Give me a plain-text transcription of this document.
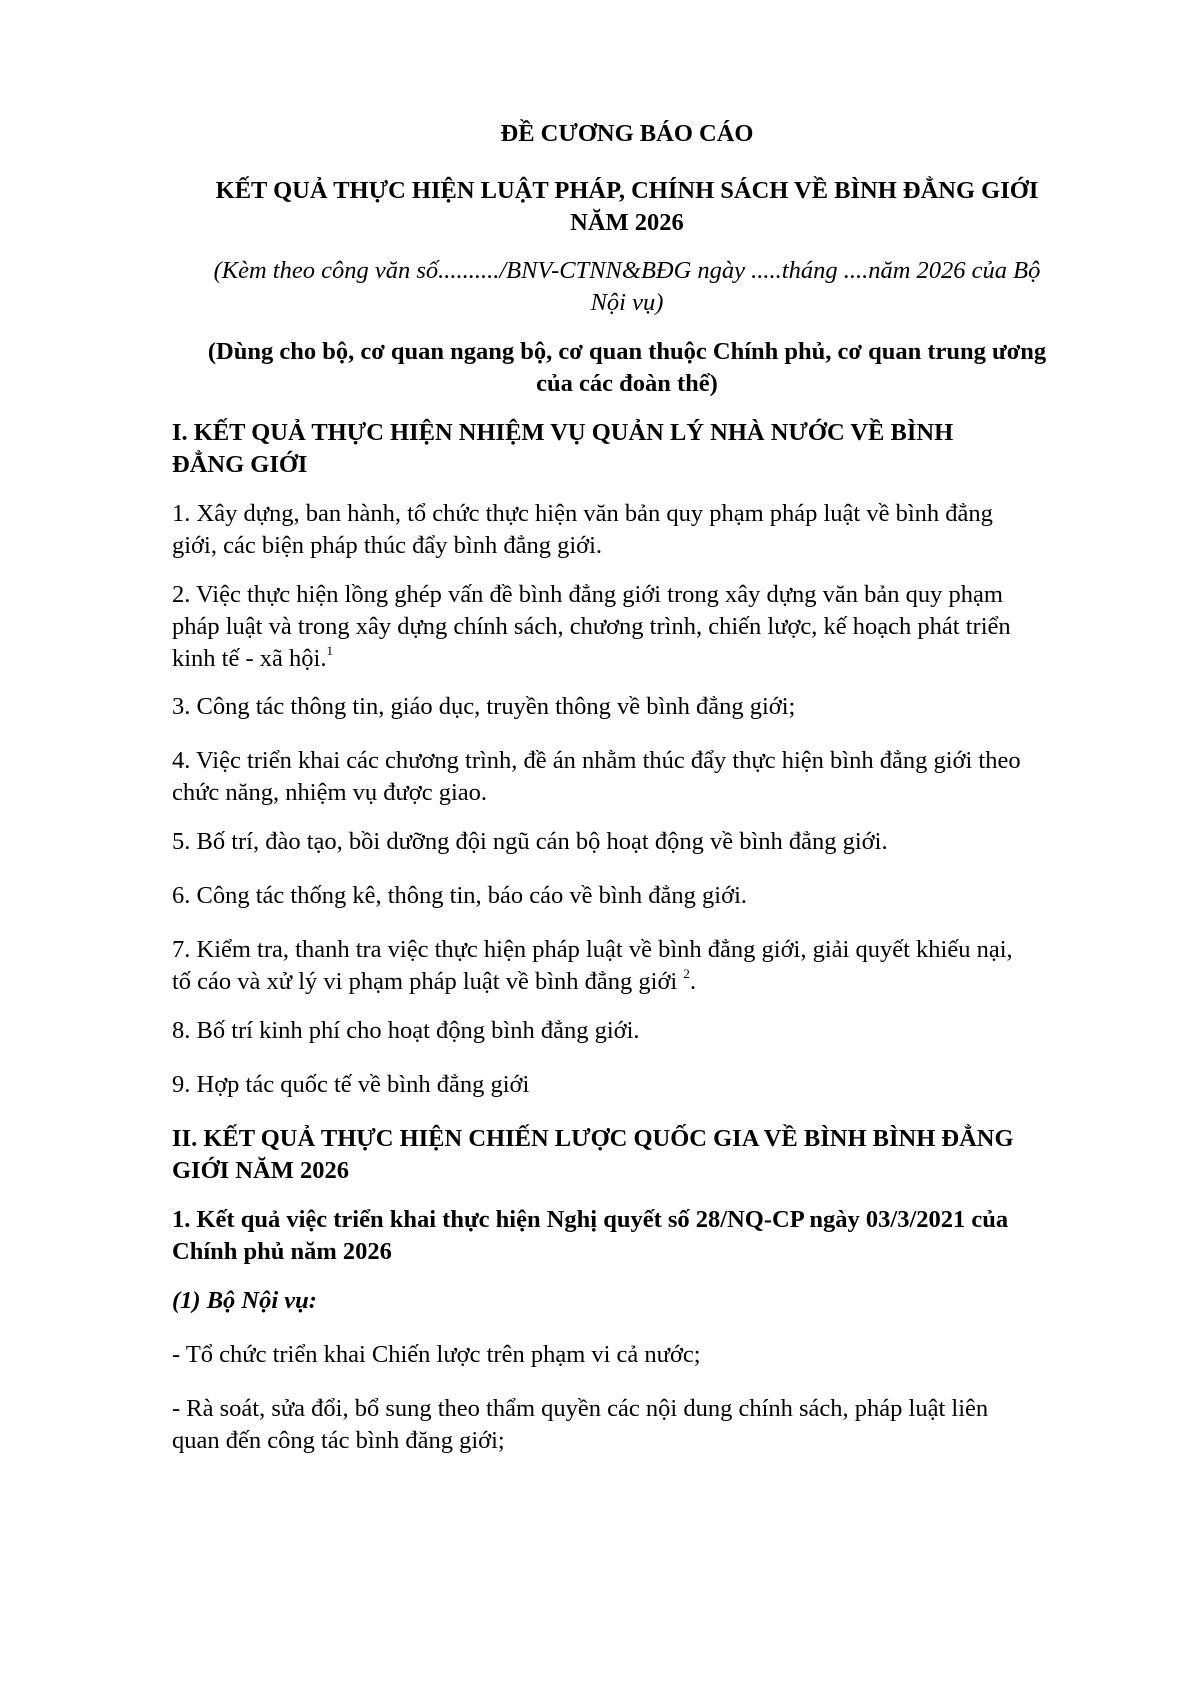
ĐỀ CƯƠNG BÁO CÁO

KẾT QUẢ THỰC HIỆN LUẬT PHÁP, CHÍNH SÁCH VỀ BÌNH ĐẲNG GIỚI
NĂM 2026

(Kèm theo công văn số........../BNV-CTNN&BĐG ngày .....tháng ....năm 2026 của Bộ
Nội vụ)

(Dùng cho bộ, cơ quan ngang bộ, cơ quan thuộc Chính phủ, cơ quan trung ương
của các đoàn thể)

I. KẾT QUẢ THỰC HIỆN NHIỆM VỤ QUẢN LÝ NHÀ NƯỚC VỀ BÌNH
ĐẲNG GIỚI

1. Xây dựng, ban hành, tổ chức thực hiện văn bản quy phạm pháp luật về bình đẳng
giới, các biện pháp thúc đẩy bình đẳng giới.

2. Việc thực hiện lồng ghép vấn đề bình đẳng giới trong xây dựng văn bản quy phạm
pháp luật và trong xây dựng chính sách, chương trình, chiến lược, kế hoạch phát triển
kinh tế - xã hội.$^1$

3. Công tác thông tin, giáo dục, truyền thông về bình đẳng giới;

4. Việc triển khai các chương trình, đề án nhằm thúc đẩy thực hiện bình đẳng giới theo
chức năng, nhiệm vụ được giao.

5. Bố trí, đào tạo, bồi dưỡng đội ngũ cán bộ hoạt động về bình đẳng giới.

6. Công tác thống kê, thông tin, báo cáo về bình đẳng giới.

7. Kiểm tra, thanh tra việc thực hiện pháp luật về bình đẳng giới, giải quyết khiếu nại,
tố cáo và xử lý vi phạm pháp luật về bình đẳng giới $^2$.

8. Bố trí kinh phí cho hoạt động bình đẳng giới.

9. Hợp tác quốc tế về bình đẳng giới

II. KẾT QUẢ THỰC HIỆN CHIẾN LƯỢC QUỐC GIA VỀ BÌNH BÌNH ĐẲNG
GIỚI NĂM 2026

1. Kết quả việc triển khai thực hiện Nghị quyết số 28/NQ-CP ngày 03/3/2021 của
Chính phủ năm 2026

(1) Bộ Nội vụ:

- Tổ chức triển khai Chiến lược trên phạm vi cả nước;

- Rà soát, sửa đổi, bổ sung theo thẩm quyền các nội dung chính sách, pháp luật liên
quan đến công tác bình đăng giới;
